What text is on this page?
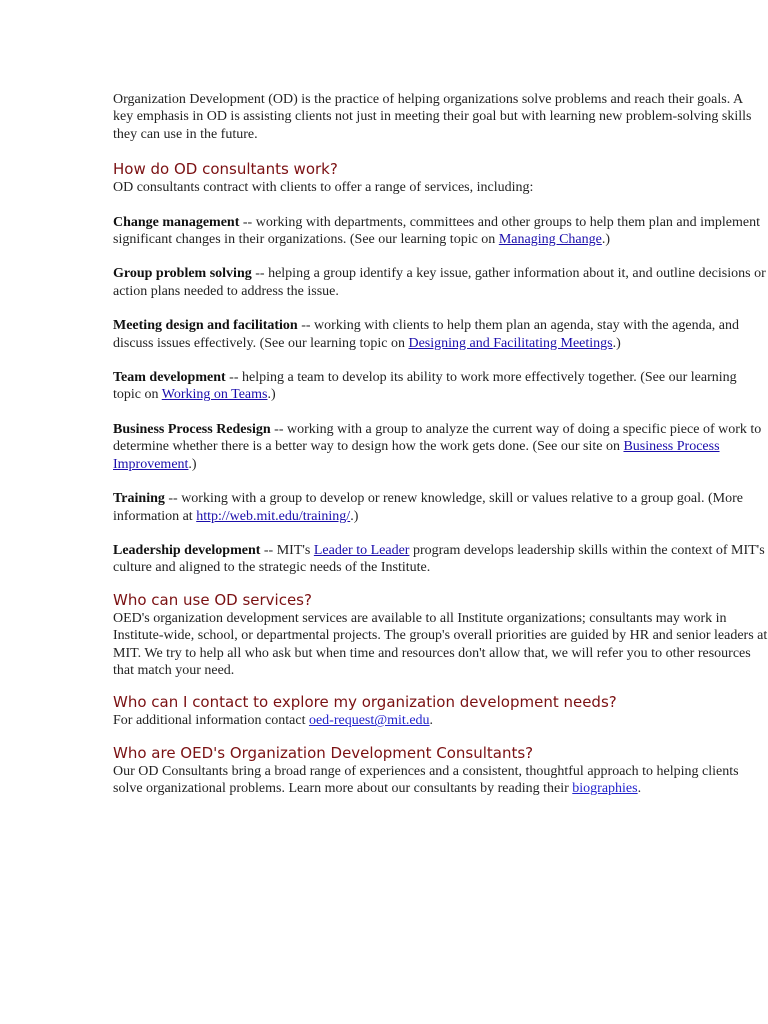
Organization Development (OD) is the practice of helping organizations solve problems and reach their goals. A key emphasis in OD is assisting clients not just in meeting their goal but with learning new problem-solving skills they can use in the future.

How do OD consultants work?

OD consultants contract with clients to offer a range of services, including:

Change management -- working with departments, committees and other groups to help them plan and implement significant changes in their organizations. (See our learning topic on Managing Change.)

Group problem solving -- helping a group identify a key issue, gather information about it, and outline decisions or action plans needed to address the issue.

Meeting design and facilitation -- working with clients to help them plan an agenda, stay with the agenda, and discuss issues effectively. (See our learning topic on Designing and Facilitating Meetings.)

Team development -- helping a team to develop its ability to work more effectively together. (See our learning topic on Working on Teams.)

Business Process Redesign -- working with a group to analyze the current way of doing a specific piece of work to determine whether there is a better way to design how the work gets done. (See our site on Business Process Improvement.)

Training -- working with a group to develop or renew knowledge, skill or values relative to a group goal. (More information at http://web.mit.edu/training/.)

Leadership development -- MIT's Leader to Leader program develops leadership skills within the context of MIT's culture and aligned to the strategic needs of the Institute.

Who can use OD services?

OED's organization development services are available to all Institute organizations; consultants may work in Institute-wide, school, or departmental projects. The group's overall priorities are guided by HR and senior leaders at MIT. We try to help all who ask but when time and resources don't allow that, we will refer you to other resources that match your need.

Who can I contact to explore my organization development needs?

For additional information contact oed-request@mit.edu.

Who are OED's Organization Development Consultants?

Our OD Consultants bring a broad range of experiences and a consistent, thoughtful approach to helping clients solve organizational problems. Learn more about our consultants by reading their biographies.
